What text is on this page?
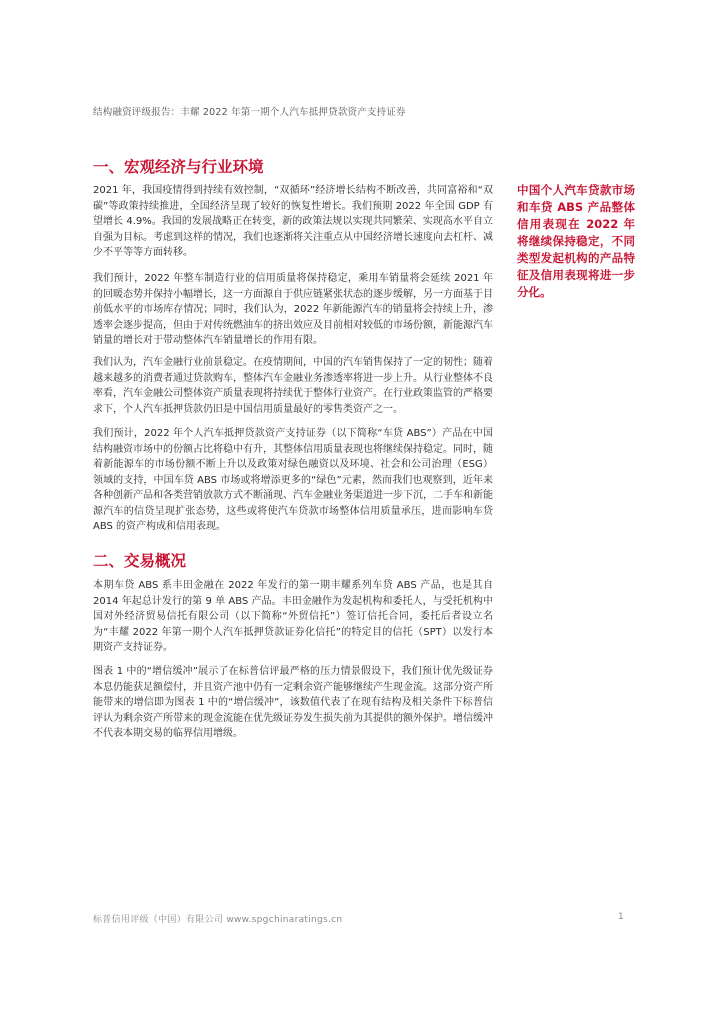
结构融资评级报告：丰耀 2022 年第一期个人汽车抵押贷款资产支持证券
一、宏观经济与行业环境

2021 年，我国疫情得到持续有效控制，“双循环”经济增长结构不断改善，共同富裕和“双碳”等政策持续推进，全国经济呈现了较好的恢复性增长。我们预期 2022 年全国 GDP 有望增长 4.9%。我国的发展战略正在转变，新的政策法规以实现共同繁荣、实现高水平自立自强为目标。考虑到这样的情况，我们也逐渐将关注重点从中国经济增长速度向去杠杆、减少不平等等方面转移。

我们预计，2022 年整车制造行业的信用质量将保持稳定，乘用车销量将会延续 2021 年的回暖态势并保持小幅增长，这一方面源自于供应链紧张状态的逐步缓解，另一方面基于目前低水平的市场库存情况；同时，我们认为，2022 年新能源汽车的销量将会持续上升，渗透率会逐步提高，但由于对传统燃油车的挤出效应及目前相对较低的市场份额，新能源汽车销量的增长对于带动整体汽车销量增长的作用有限。

我们认为，汽车金融行业前景稳定。在疫情期间，中国的汽车销售保持了一定的韧性；随着越来越多的消费者通过贷款购车，整体汽车金融业务渗透率将进一步上升。从行业整体不良率看，汽车金融公司整体资产质量表现将持续优于整体行业资产。在行业政策监管的严格要求下，个人汽车抵押贷款仍旧是中国信用质量最好的零售类资产之一。

我们预计，2022 年个人汽车抵押贷款资产支持证券（以下简称“车贷 ABS”）产品在中国结构融资市场中的份额占比将稳中有升，其整体信用质量表现也将继续保持稳定。同时，随着新能源车的市场份额不断上升以及政策对绿色融资以及环境、社会和公司治理（ESG）领域的支持，中国车贷 ABS 市场或将增添更多的“绿色”元素，然而我们也观察到，近年来各种创新产品和各类营销放款方式不断涌现、汽车金融业务渠道进一步下沉，二手车和新能源汽车的信贷呈现扩张态势，这些或将使汽车贷款市场整体信用质量承压，进而影响车贷 ABS 的资产构成和信用表现。

二、交易概况

本期车贷 ABS 系丰田金融在 2022 年发行的第一期丰耀系列车贷 ABS 产品，也是其自 2014 年起总计发行的第 9 单 ABS 产品。丰田金融作为发起机构和委托人，与受托机构中国对外经济贸易信托有限公司（以下简称“外贸信托”）签订信托合同，委托后者设立名为“丰耀 2022 年第一期个人汽车抵押贷款证券化信托”的特定目的信托（SPT）以发行本期资产支持证券。

图表 1 中的“增信缓冲”展示了在标普信评最严格的压力情景假设下，我们预计优先级证券本息仍能获足额偿付，并且资产池中仍有一定剩余资产能够继续产生现金流。这部分资产所能带来的增信即为图表 1 中的“增信缓冲”，该数值代表了在现有结构及相关条件下标普信评认为剩余资产所带来的现金流能在优先级证券发生损失前为其提供的额外保护。增信缓冲不代表本期交易的临界信用增级。

中国个人汽车贷款市场和车贷 ABS 产品整体信用表现在 2022 年将继续保持稳定，不同类型发起机构的产品特征及信用表现将进一步分化。
标普信用评级（中国）有限公司 www.spgchinaratings.cn	1
